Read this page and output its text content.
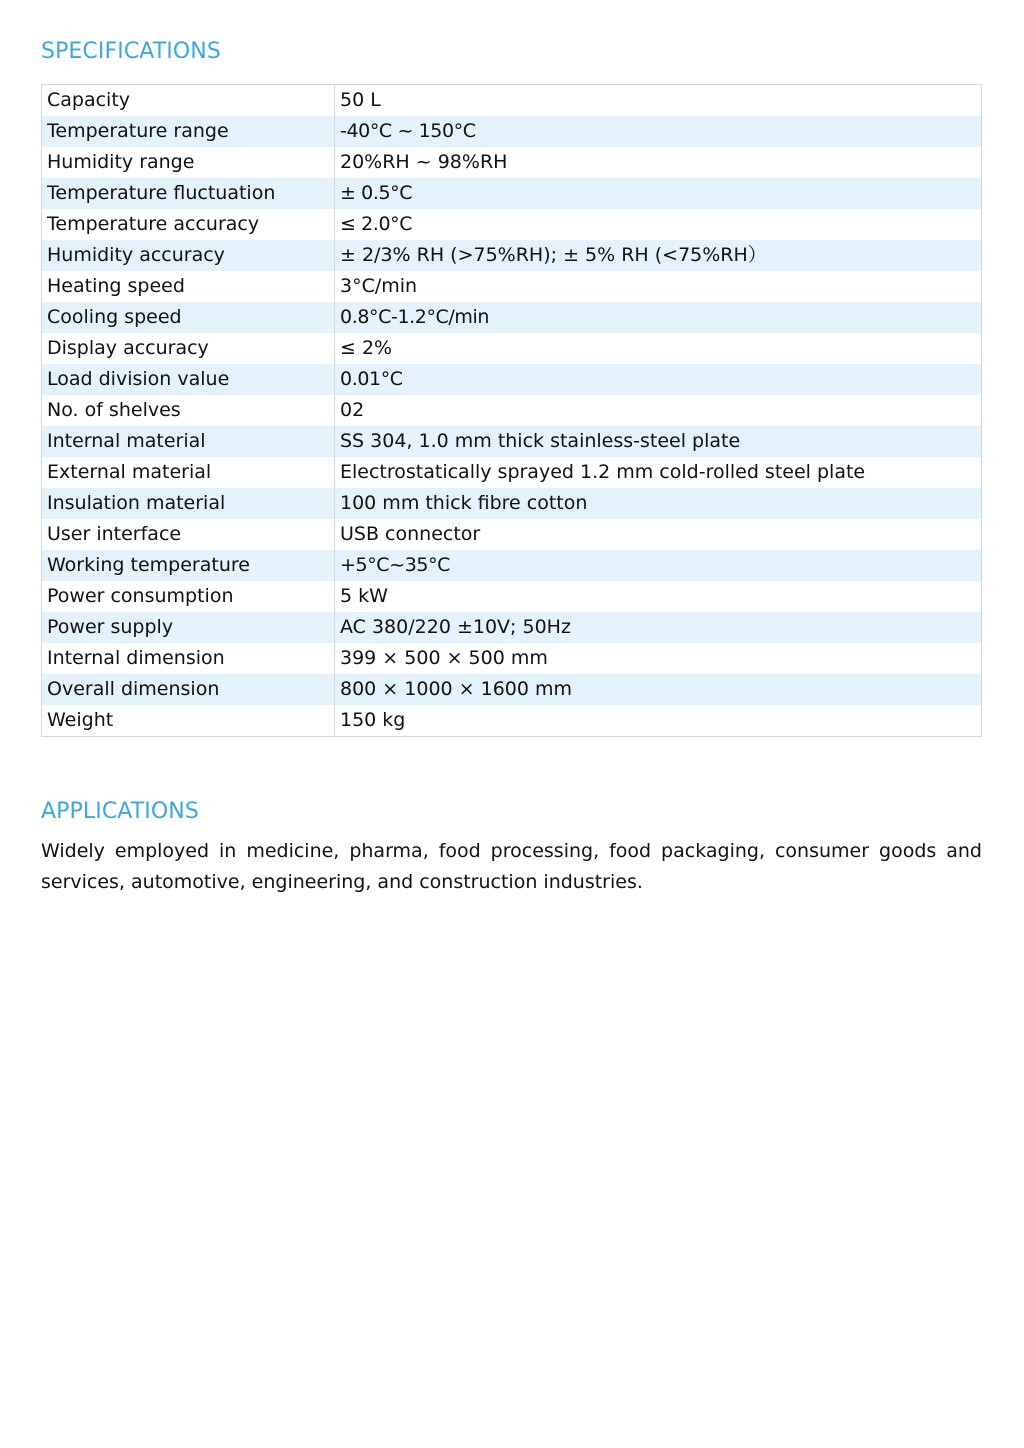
SPECIFICATIONS
Capacity	50 L
Temperature range	-40°C ~ 150°C
Humidity range	20%RH ~ 98%RH
Temperature fluctuation	± 0.5°C
Temperature accuracy	≤ 2.0°C
Humidity accuracy	± 2/3% RH (>75%RH); ± 5% RH (<75%RH）
Heating speed	3°C/min
Cooling speed	0.8°C-1.2°C/min
Display accuracy	≤ 2%
Load division value	0.01°C
No. of shelves	02
Internal material	SS 304, 1.0 mm thick stainless-steel plate
External material	Electrostatically sprayed 1.2 mm cold-rolled steel plate
Insulation material	100 mm thick fibre cotton
User interface	USB connector
Working temperature	+5°C~35°C
Power consumption	5 kW
Power supply	AC 380/220 ±10V; 50Hz
Internal dimension	399 × 500 × 500 mm
Overall dimension	800 × 1000 × 1600 mm
Weight	150 kg
APPLICATIONS

Widely employed in medicine, pharma, food processing, food packaging, consumer goods and services, automotive, engineering, and construction industries.
